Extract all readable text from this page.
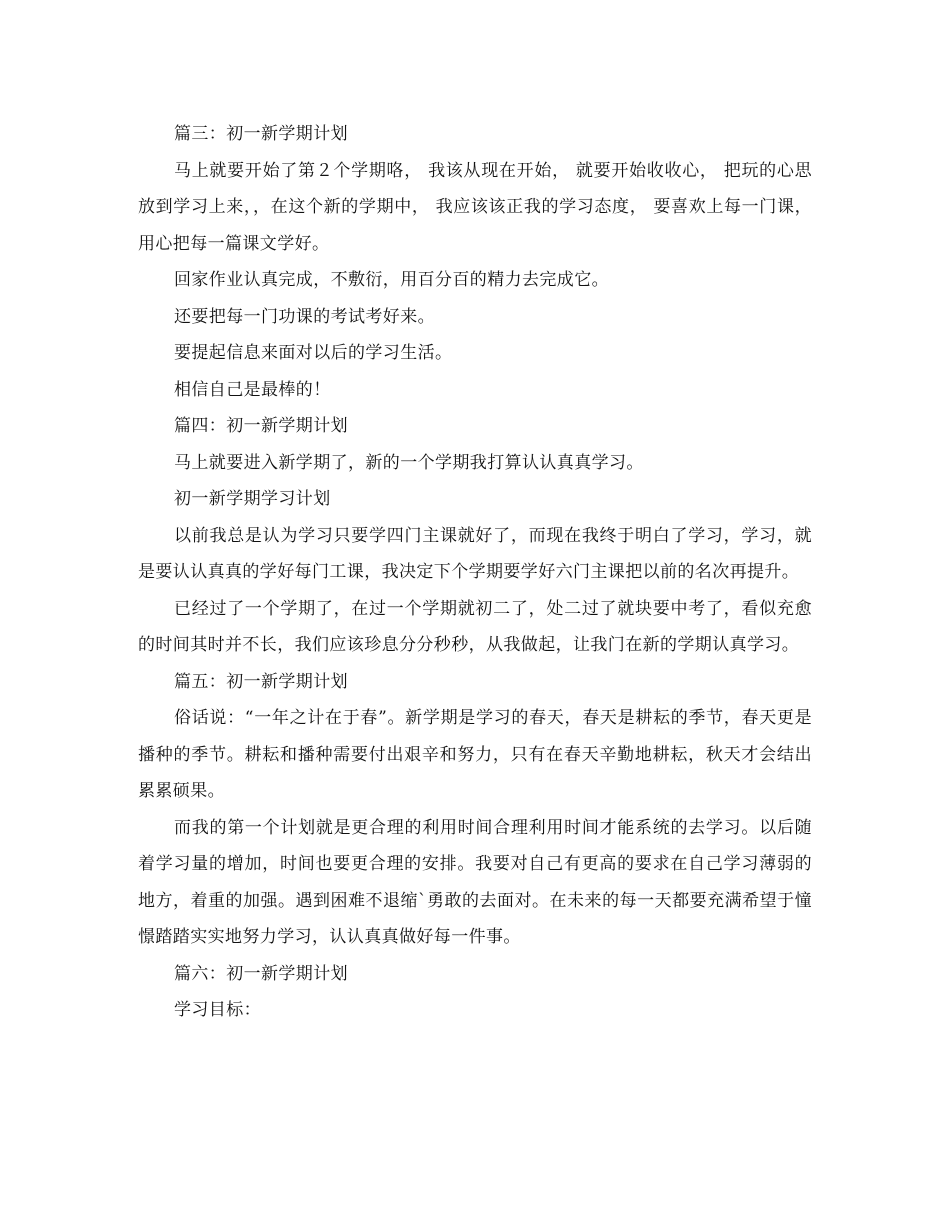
篇三：初一新学期计划

马上就要开始了第２个学期咯， 我该从现在开始， 就要开始收收心， 把玩的心思放到学习上来，，在这个新的学期中， 我应该该正我的学习态度， 要喜欢上每一门课，用心把每一篇课文学好。

回家作业认真完成，不敷衍，用百分百的精力去完成它。

还要把每一门功课的考试考好来。

要提起信息来面对以后的学习生活。

相信自己是最棒的！

篇四：初一新学期计划

马上就要进入新学期了，新的一个学期我打算认认真真学习。

初一新学期学习计划

以前我总是认为学习只要学四门主课就好了，而现在我终于明白了学习，学习，就是要认认真真的学好每门工课，我决定下个学期要学好六门主课把以前的名次再提升。

已经过了一个学期了，在过一个学期就初二了，处二过了就块要中考了，看似充愈的时间其时并不长，我们应该珍息分分秒秒，从我做起，让我门在新的学期认真学习。

篇五：初一新学期计划

俗话说：“一年之计在于春”。新学期是学习的春天，春天是耕耘的季节，春天更是播种的季节。耕耘和播种需要付出艰辛和努力，只有在春天辛勤地耕耘，秋天才会结出累累硕果。

而我的第一个计划就是更合理的利用时间合理利用时间才能系统的去学习。以后随着学习量的增加，时间也要更合理的安排。我要对自己有更高的要求在自己学习薄弱的地方，着重的加强。遇到困难不退缩`勇敢的去面对。在未来的每一天都要充满希望于憧憬踏踏实实地努力学习，认认真真做好每一件事。

篇六：初一新学期计划

学习目标：
